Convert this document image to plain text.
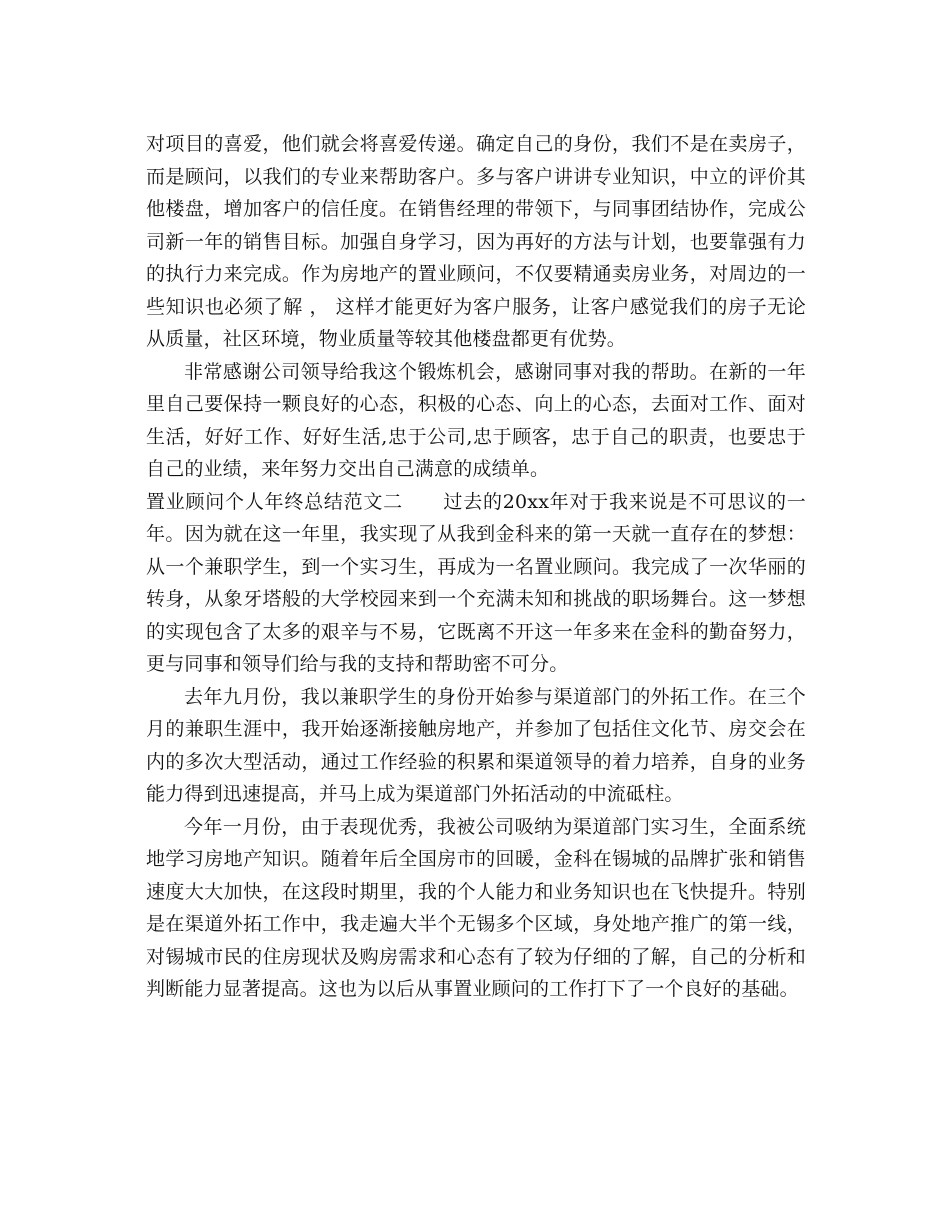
对项目的喜爱，他们就会将喜爱传递。确定自己的身份，我们不是在卖房子，而是顾问，以我们的专业来帮助客户。多与客户讲讲专业知识，中立的评价其他楼盘，增加客户的信任度。在销售经理的带领下，与同事团结协作，完成公司新一年的销售目标。加强自身学习，因为再好的方法与计划，也要靠强有力的执行力来完成。作为房地产的置业顾问，不仅要精通卖房业务，对周边的一些知识也必须了解 ， 这样才能更好为客户服务，让客户感觉我们的房子无论从质量，社区环境，物业质量等较其他楼盘都更有优势。

非常感谢公司领导给我这个锻炼机会，感谢同事对我的帮助。在新的一年里自己要保持一颗良好的心态，积极的心态、向上的心态，去面对工作、面对生活，好好工作、好好生活,忠于公司,忠于顾客，忠于自己的职责，也要忠于自己的业绩，来年努力交出自己满意的成绩单。

置业顾问个人年终总结范文二 过去的20xx年对于我来说是不可思议的一年。因为就在这一年里，我实现了从我到金科来的第一天就一直存在的梦想：从一个兼职学生，到一个实习生，再成为一名置业顾问。我完成了一次华丽的转身，从象牙塔般的大学校园来到一个充满未知和挑战的职场舞台。这一梦想的实现包含了太多的艰辛与不易，它既离不开这一年多来在金科的勤奋努力，更与同事和领导们给与我的支持和帮助密不可分。

去年九月份，我以兼职学生的身份开始参与渠道部门的外拓工作。在三个月的兼职生涯中，我开始逐渐接触房地产，并参加了包括住文化节、房交会在内的多次大型活动，通过工作经验的积累和渠道领导的着力培养，自身的业务能力得到迅速提高，并马上成为渠道部门外拓活动的中流砥柱。

今年一月份，由于表现优秀，我被公司吸纳为渠道部门实习生，全面系统地学习房地产知识。随着年后全国房市的回暖，金科在锡城的品牌扩张和销售速度大大加快，在这段时期里，我的个人能力和业务知识也在飞快提升。特别是在渠道外拓工作中，我走遍大半个无锡多个区域，身处地产推广的第一线，对锡城市民的住房现状及购房需求和心态有了较为仔细的了解，自己的分析和判断能力显著提高。这也为以后从事置业顾问的工作打下了一个良好的基础。
